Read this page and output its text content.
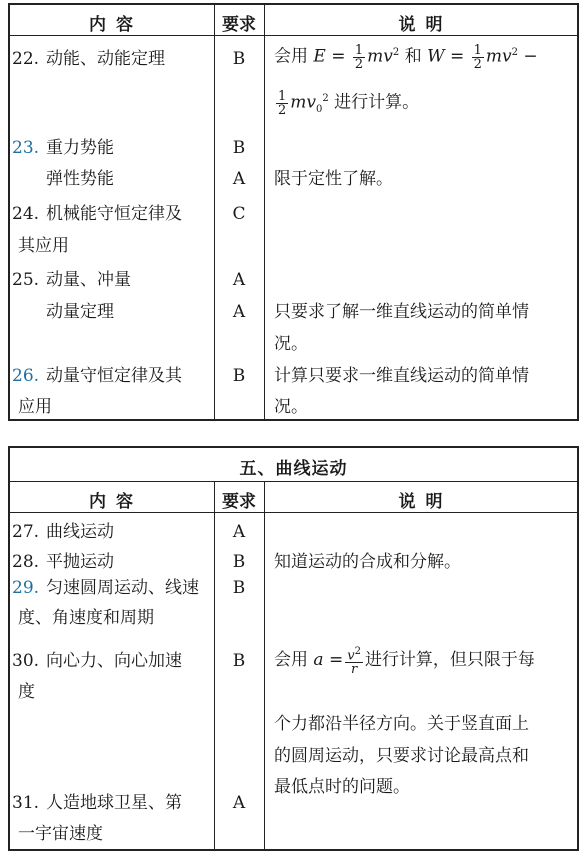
内 容	要求	说 明
22. 动能、动能定理	B	会用 $E = \frac{1}{2} mv^2$ 和 $W = \frac{1}{2} mv^2$ −
$\frac{1}{2} mv_0^2$ 进行计算。
23. 重力势能	B
弹性势能	A	限于定性了解。
24. 机械能守恒定律及	C
其应用
25. 动量、冲量	A
动量定理	A	只要求了解一维直线运动的简单情
况。
26. 动量守恒定律及其	B	计算只要求一维直线运动的简单情
应用	况。
五、曲线运动
内 容	要求	说 明
27. 曲线运动	A
28. 平抛运动	B	知道运动的合成和分解。
29. 匀速圆周运动、线速	B
度、角速度和周期
30. 向心力、向心加速	B	会用 $a = \frac{v^2}{r}$ 进行计算，但只限于每
度
个力都沿半径方向。关于竖直面上
的圆周运动，只要求讨论最高点和
最低点时的问题。
31. 人造地球卫星、第	A
一宇宙速度
